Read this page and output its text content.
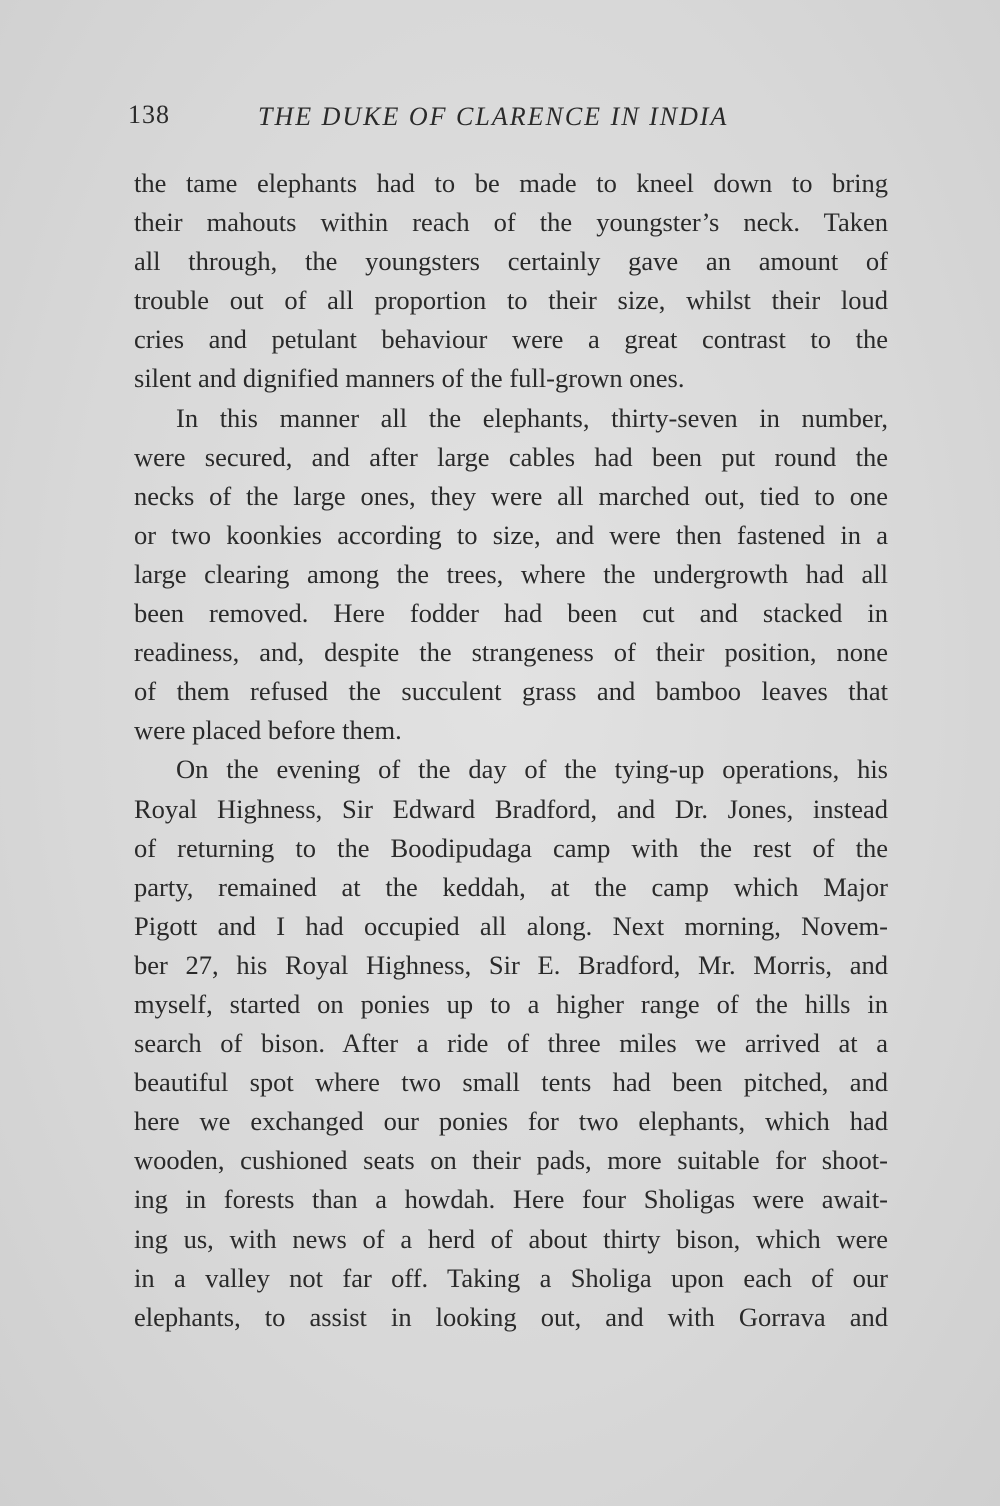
138	THE DUKE OF CLARENCE IN INDIA
the tame elephants had to be made to kneel down to bring
their mahouts within reach of the youngster’s neck. Taken
all through, the youngsters certainly gave an amount of
trouble out of all proportion to their size, whilst their loud
cries and petulant behaviour were a great contrast to the
silent and dignified manners of the full-grown ones.
In this manner all the elephants, thirty-seven in number,
were secured, and after large cables had been put round the
necks of the large ones, they were all marched out, tied to one
or two koonkies according to size, and were then fastened in a
large clearing among the trees, where the undergrowth had all
been removed. Here fodder had been cut and stacked in
readiness, and, despite the strangeness of their position, none
of them refused the succulent grass and bamboo leaves that
were placed before them.
On the evening of the day of the tying-up operations, his
Royal Highness, Sir Edward Bradford, and Dr. Jones, instead
of returning to the Boodipudaga camp with the rest of the
party, remained at the keddah, at the camp which Major
Pigott and I had occupied all along. Next morning, Novem-
ber 27, his Royal Highness, Sir E. Bradford, Mr. Morris, and
myself, started on ponies up to a higher range of the hills in
search of bison. After a ride of three miles we arrived at a
beautiful spot where two small tents had been pitched, and
here we exchanged our ponies for two elephants, which had
wooden, cushioned seats on their pads, more suitable for shoot-
ing in forests than a howdah. Here four Sholigas were await-
ing us, with news of a herd of about thirty bison, which were
in a valley not far off. Taking a Sholiga upon each of our
elephants, to assist in looking out, and with Gorrava and
